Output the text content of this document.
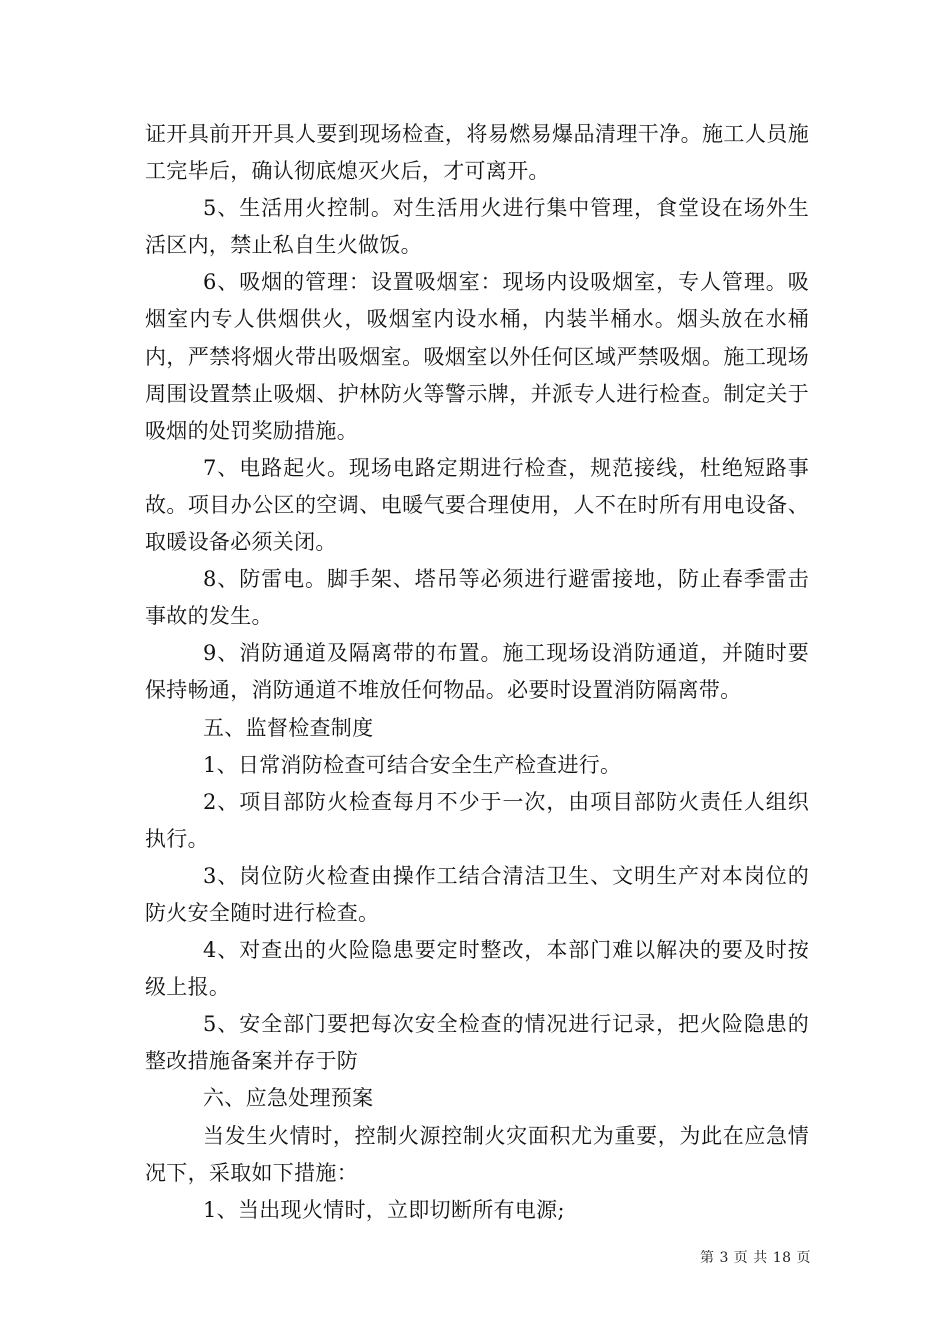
证开具前开开具人要到现场检查，将易燃易爆品清理干净。施工人员施工完毕后，确认彻底熄灭火后，才可离开。

5、生活用火控制。对生活用火进行集中管理，食堂设在场外生活区内，禁止私自生火做饭。

6、吸烟的管理：设置吸烟室：现场内设吸烟室，专人管理。吸烟室内专人供烟供火，吸烟室内设水桶，内装半桶水。烟头放在水桶内，严禁将烟火带出吸烟室。吸烟室以外任何区域严禁吸烟。施工现场周围设置禁止吸烟、护林防火等警示牌，并派专人进行检查。制定关于吸烟的处罚奖励措施。

7、电路起火。现场电路定期进行检查，规范接线，杜绝短路事故。项目办公区的空调、电暖气要合理使用，人不在时所有用电设备、取暖设备必须关闭。

8、防雷电。脚手架、塔吊等必须进行避雷接地，防止春季雷击事故的发生。

9、消防通道及隔离带的布置。施工现场设消防通道，并随时要保持畅通，消防通道不堆放任何物品。必要时设置消防隔离带。

五、监督检查制度

1、日常消防检查可结合安全生产检查进行。

2、项目部防火检查每月不少于一次，由项目部防火责任人组织执行。

3、岗位防火检查由操作工结合清洁卫生、文明生产对本岗位的防火安全随时进行检查。

4、对查出的火险隐患要定时整改，本部门难以解决的要及时按级上报。

5、安全部门要把每次安全检查的情况进行记录，把火险隐患的整改措施备案并存于防

六、应急处理预案

当发生火情时，控制火源控制火灾面积尤为重要，为此在应急情况下，采取如下措施：

1、当出现火情时，立即切断所有电源;

第 3 页 共 18 页
